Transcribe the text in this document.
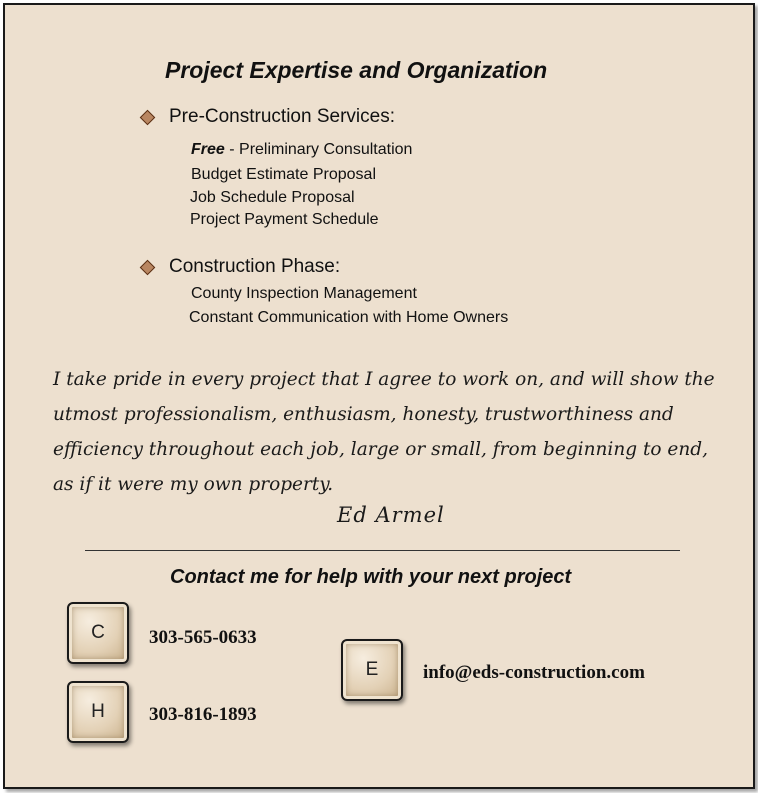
Project Expertise and Organization
Pre-Construction Services:
Free - Preliminary Consultation
Budget Estimate Proposal
Job Schedule Proposal
Project Payment Schedule
Construction Phase:
County Inspection Management
Constant Communication with Home Owners
I take pride in every project that I agree to work on, and will show the
utmost professionalism, enthusiasm, honesty, trustworthiness and
efficiency throughout each job, large or small, from beginning to end,
as if it were my own property.
Ed Armel
Contact me for help with your next project
C	303-565-0633
H	303-816-1893
E	info@eds-construction.com
